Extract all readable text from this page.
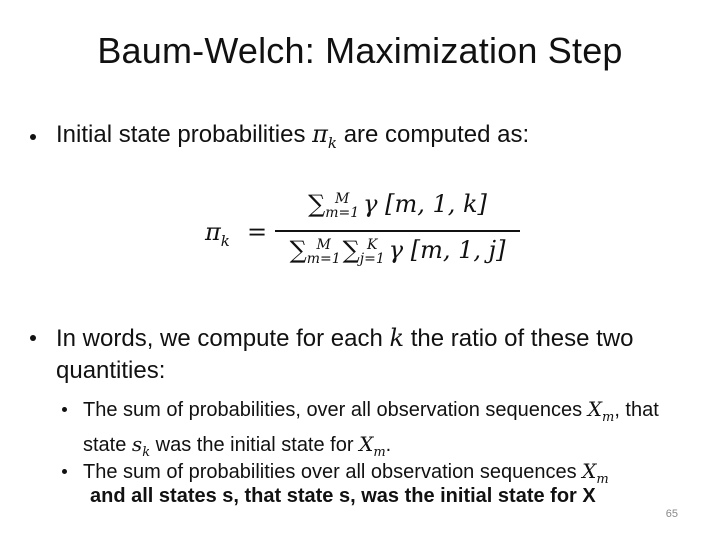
Baum-Welch: Maximization Step
Initial state probabilities $\pi_k$ are computed as:
$\pi_k$ =
∑ M
m=1 γ [m, 1, k]
∑ M
m=1 ∑ K
j=1 γ [m, 1, j]
In words, we compute for each k the ratio of these two quantities:
The sum of probabilities, over all observation sequences $X_m$, that state $s_k$ was the initial state for $X_m$.
The sum of probabilities over all observation sequences $X_m$
and all states s, that state s, was the initial state for X
65
